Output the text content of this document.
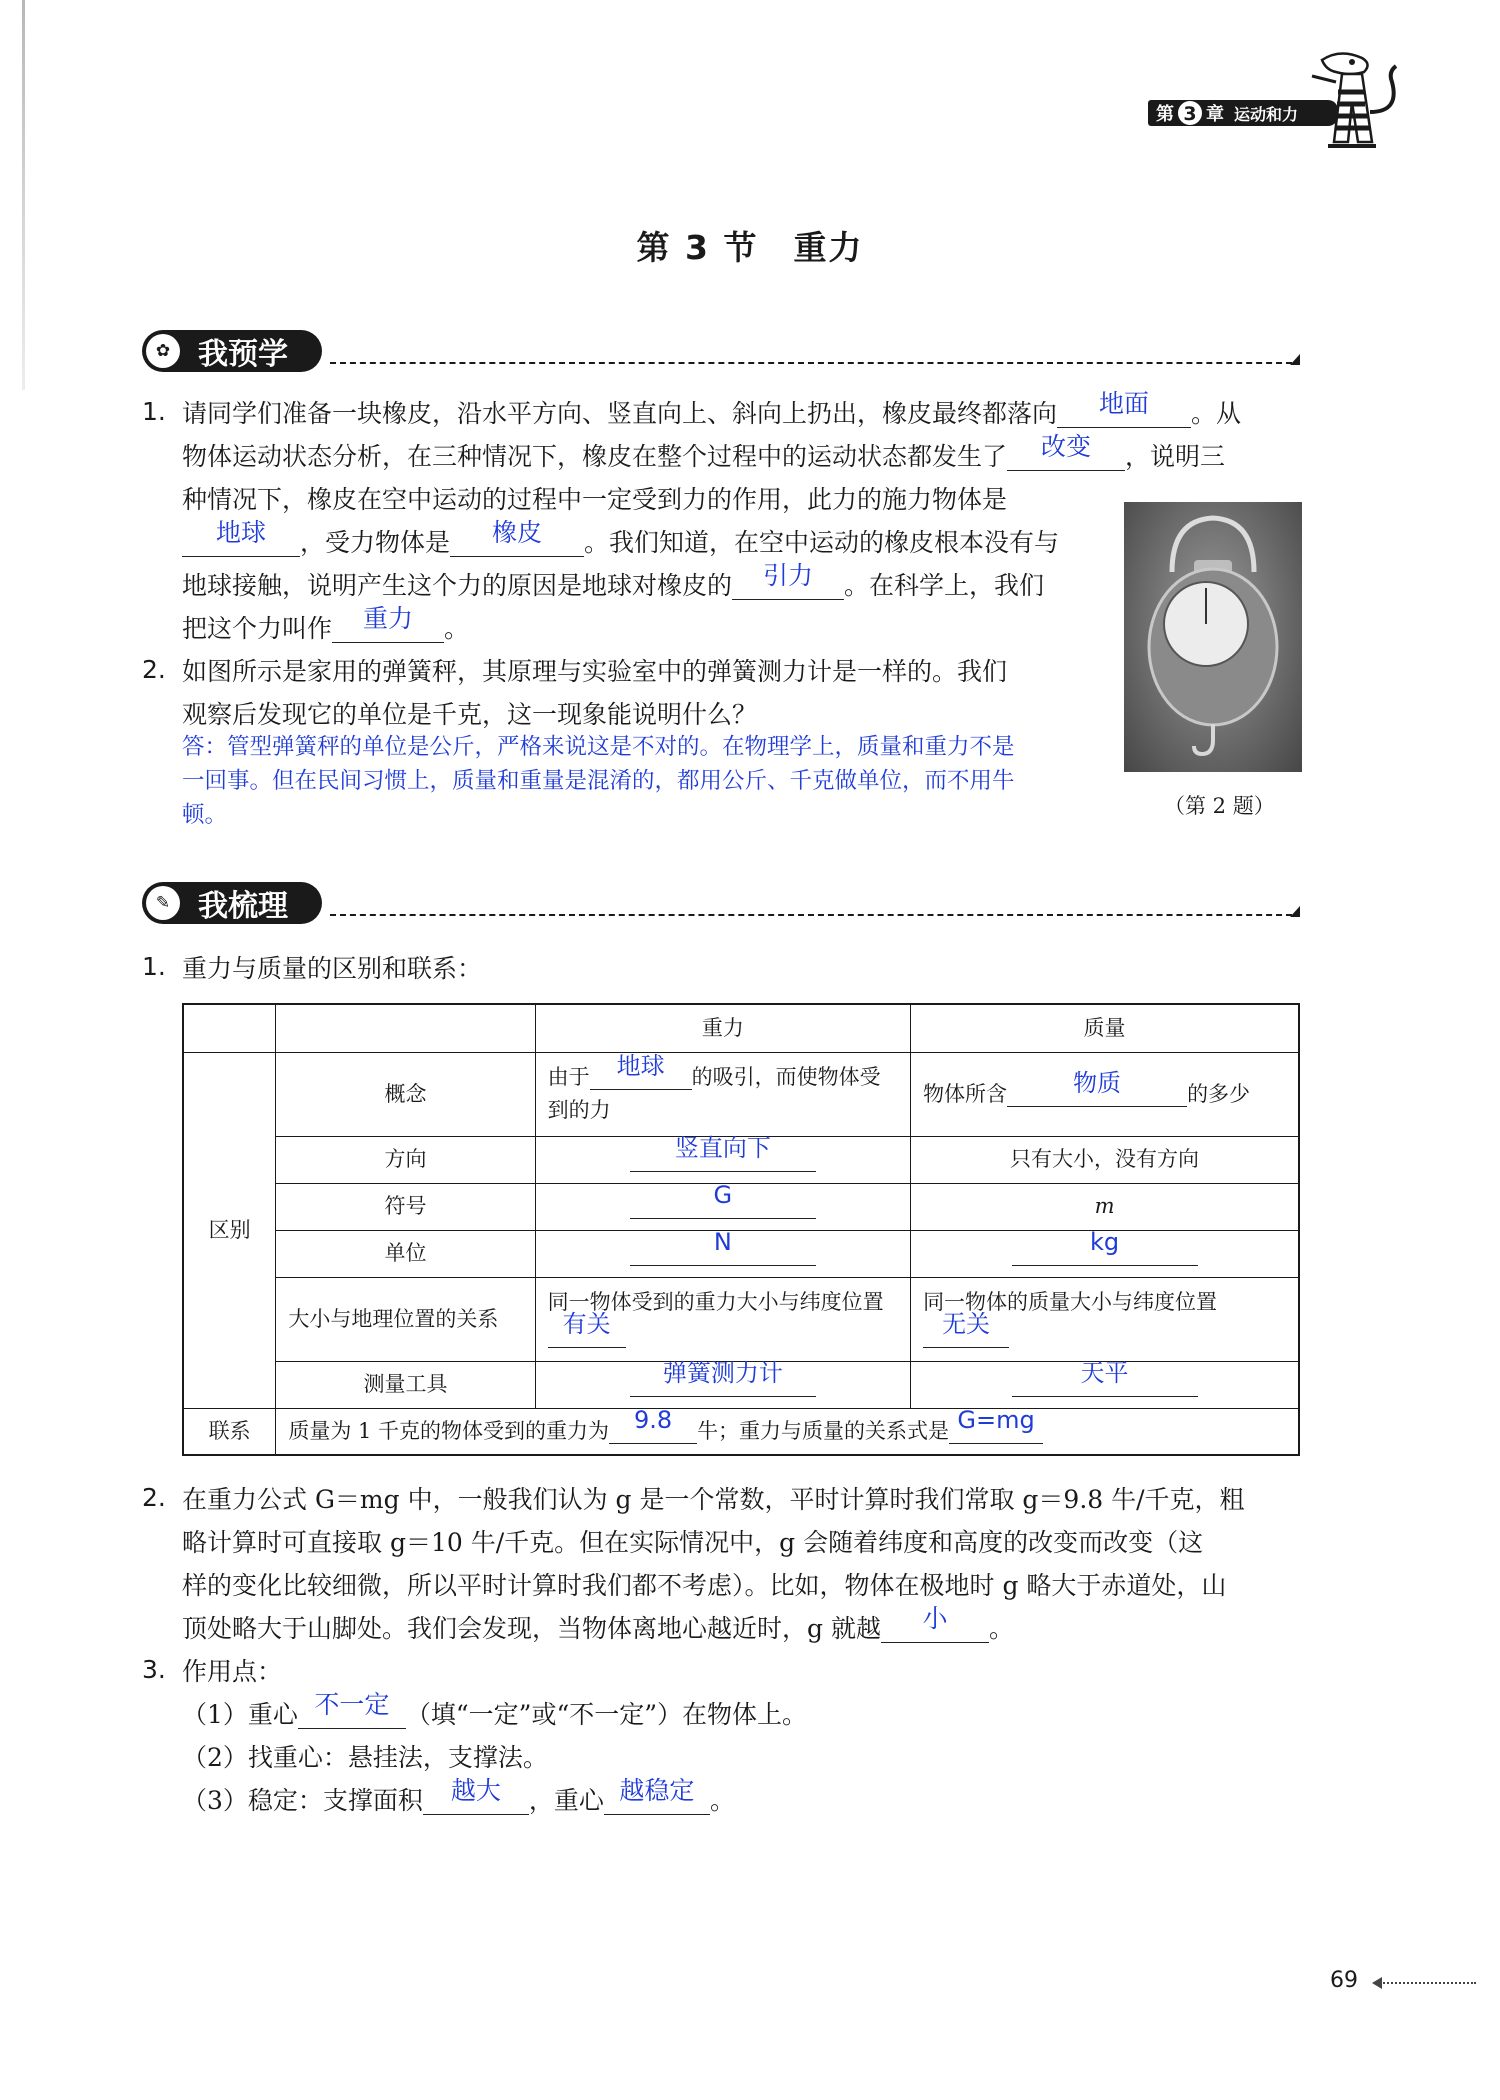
第 3 章 运动和力
第 3 节　重力
✿ 我预学
1. 请同学们准备一块橡皮，沿水平方向、竖直向上、斜向上扔出，橡皮最终都落向 地面 。从
物体运动状态分析，在三种情况下，橡皮在整个过程中的运动状态都发生了 改变 ，说明三
种情况下，橡皮在空中运动的过程中一定受到力的作用，此力的施力物体是
地球 ，受力物体是 橡皮 。我们知道，在空中运动的橡皮根本没有与
地球接触，说明产生这个力的原因是地球对橡皮的 引力 。在科学上，我们
把这个力叫作 重力 。
2. 如图所示是家用的弹簧秤，其原理与实验室中的弹簧测力计是一样的。我们
观察后发现它的单位是千克，这一现象能说明什么？
答：管型弹簧秤的单位是公斤，严格来说这是不对的。在物理学上，质量和重力不是
一回事。但在民间习惯上，质量和重量是混淆的，都用公斤、千克做单位，而不用牛
顿。	（第 2 题）
✎ 我梳理
1. 重力与质量的区别和联系：
		重力	质量
区别	概念	由于 地球 的吸引，而使物体受到的力	物体所含 物质 的多少
	方向	竖直向下	只有大小，没有方向
	符号	G	m
	单位	N	kg
	大小与地理位置的关系	同一物体受到的重力大小与纬度位置有关	同一物体的质量大小与纬度位置无关
	测量工具	弹簧测力计	天平
联系	质量为 1 千克的物体受到的重力为 9.8 牛；重力与质量的关系式是 G=mg		
2. 在重力公式 G＝mg 中，一般我们认为 g 是一个常数，平时计算时我们常取 g＝9.8 牛/千克，粗
略计算时可直接取 g＝10 牛/千克。但在实际情况中，g 会随着纬度和高度的改变而改变（这
样的变化比较细微，所以平时计算时我们都不考虑）。比如，物体在极地时 g 略大于赤道处，山
顶处略大于山脚处。我们会发现，当物体离地心越近时，g 就越 小 。
3. 作用点：
（1）重心 不一定 （填“一定”或“不一定”）在物体上。
（2）找重心：悬挂法，支撑法。
（3）稳定：支撑面积 越大 ，重心 越稳定 。
69
